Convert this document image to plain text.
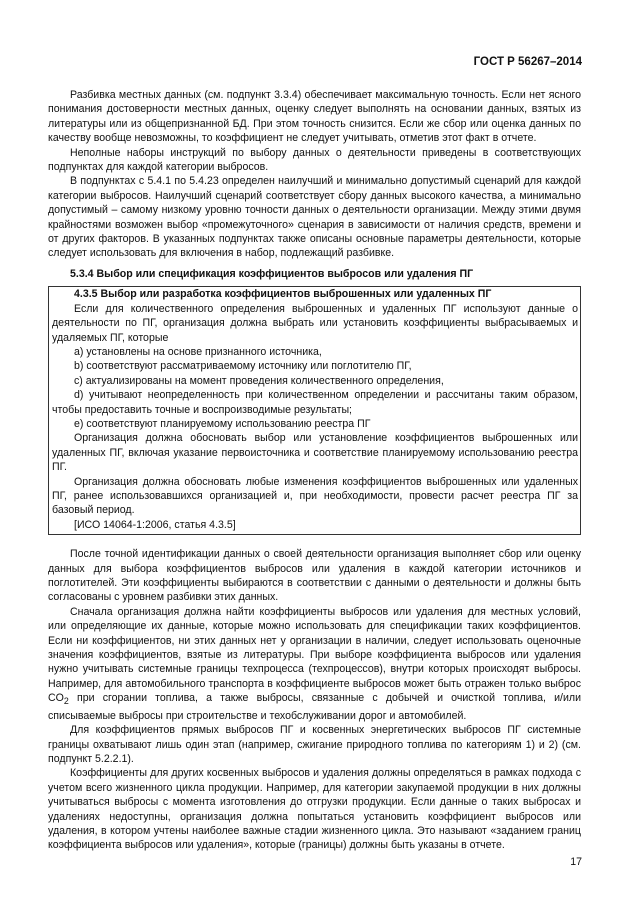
ГОСТ Р 56267–2014

Разбивка местных данных (см. подпункт 3.3.4) обеспечивает максимальную точность. Если нет ясного понимания достоверности местных данных, оценку следует выполнять на основании данных, взятых из литературы или из общепризнанной БД. При этом точность снизится. Если же сбор или оценка данных по качеству вообще невозможны, то коэффициент не следует учитывать, отметив этот факт в отчете.

Неполные наборы инструкций по выбору данных о деятельности приведены в соответствующих подпунктах для каждой категории выбросов.

В подпунктах с 5.4.1 по 5.4.23 определен наилучший и минимально допустимый сценарий для каждой категории выбросов. Наилучший сценарий соответствует сбору данных высокого качества, а минимально допустимый – самому низкому уровню точности данных о деятельности организации. Между этими двумя крайностями возможен выбор «промежуточного» сценария в зависимости от наличия средств, времени и от других факторов. В указанных подпунктах также описаны основные параметры деятельности, которые следует использовать для включения в набор, подлежащий разбивке.

5.3.4 Выбор или спецификация коэффициентов выбросов или удаления ПГ

4.3.5 Выбор или разработка коэффициентов выброшенных или удаленных ПГ

Если для количественного определения выброшенных и удаленных ПГ используют данные о деятельности по ПГ, организация должна выбрать или установить коэффициенты выбрасываемых и удаляемых ПГ, которые

a) установлены на основе признанного источника,

b) соответствуют рассматриваемому источнику или поглотителю ПГ,

c) актуализированы на момент проведения количественного определения,

d) учитывают неопределенность при количественном определении и рассчитаны таким образом, чтобы предоставить точные и воспроизводимые результаты;

e) соответствуют планируемому использованию реестра ПГ

Организация должна обосновать выбор или установление коэффициентов выброшенных или удаленных ПГ, включая указание первоисточника и соответствие планируемому использованию реестра ПГ.

Организация должна обосновать любые изменения коэффициентов выброшенных или удаленных ПГ, ранее использовавшихся организацией и, при необходимости, провести расчет реестра ПГ за базовый период.

[ИСО 14064-1:2006, статья 4.3.5]

После точной идентификации данных о своей деятельности организация выполняет сбор или оценку данных для выбора коэффициентов выбросов или удаления в каждой категории источников и поглотителей. Эти коэффициенты выбираются в соответствии с данными о деятельности и должны быть согласованы с уровнем разбивки этих данных.

Сначала организация должна найти коэффициенты выбросов или удаления для местных условий, или определяющие их данные, которые можно использовать для спецификации таких коэффициентов. Если ни коэффициентов, ни этих данных нет у организации в наличии, следует использовать оценочные значения коэффициентов, взятые из литературы. При выборе коэффициента выбросов или удаления нужно учитывать системные границы техпроцесса (техпроцессов), внутри которых происходят выбросы. Например, для автомобильного транспорта в коэффициенте выбросов может быть отражен только выброс $CO_2$ при сгорании топлива, а также выбросы, связанные с добычей и очисткой топлива, и/или списываемые выбросы при строительстве и техобслуживании дорог и автомобилей.

Для коэффициентов прямых выбросов ПГ и косвенных энергетических выбросов ПГ системные границы охватывают лишь один этап (например, сжигание природного топлива по категориям 1) и 2) (см. подпункт 5.2.2.1).

Коэффициенты для других косвенных выбросов и удаления должны определяться в рамках подхода с учетом всего жизненного цикла продукции. Например, для категории закупаемой продукции в них должны учитываться выбросы с момента изготовления до отгрузки продукции. Если данные о таких выбросах и удалениях недоступны, организация должна попытаться установить коэффициент выбросов или удаления, в котором учтены наиболее важные стадии жизненного цикла. Это называют «заданием границ коэффициента выбросов или удаления», которые (границы) должны быть указаны в отчете.

17
